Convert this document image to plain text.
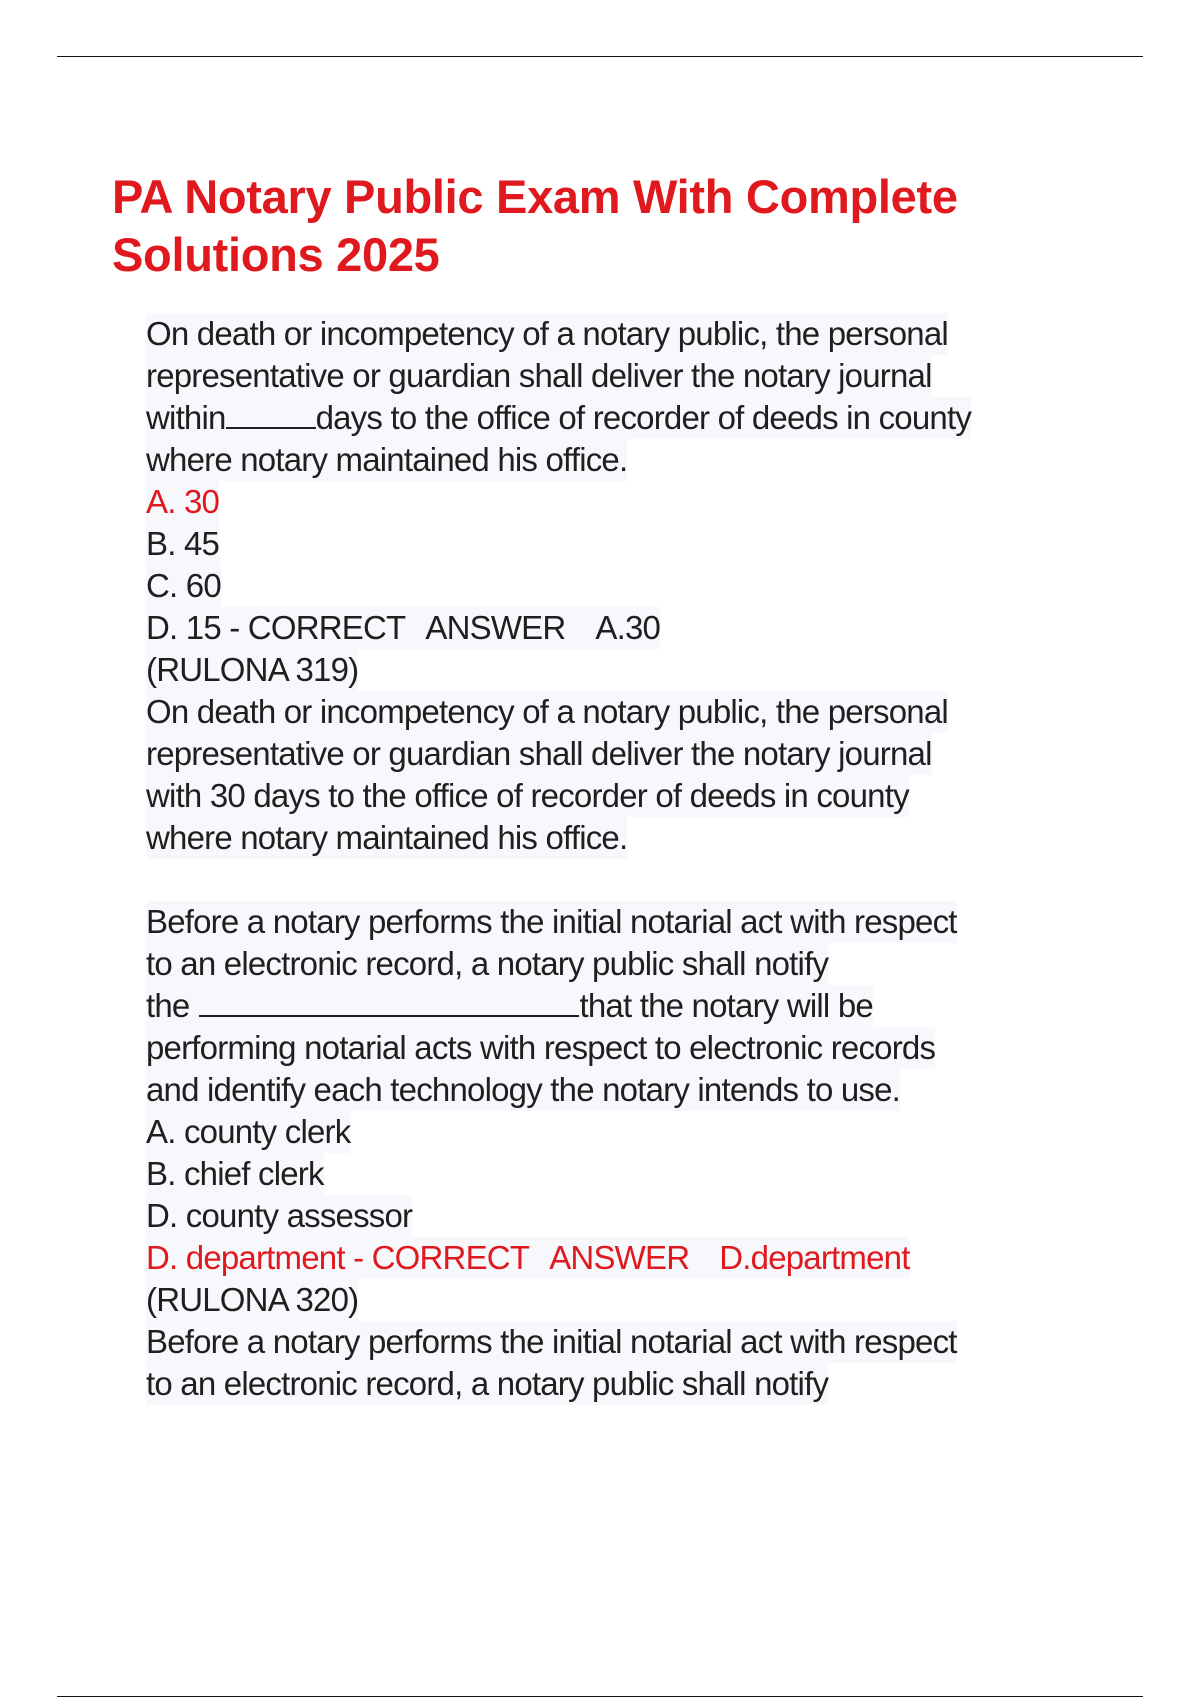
PA Notary Public Exam With Complete Solutions 2025
On death or incompetency of a notary public, the personal
representative or guardian shall deliver the notary journal
within	days to the office of recorder of deeds in county
where notary maintained his office.
A. 30
B. 45
C. 60
D. 15 - CORRECT ANSWER A.30
(RULONA 319)
On death or incompetency of a notary public, the personal
representative or guardian shall deliver the notary journal
with 30 days to the office of recorder of deeds in county
where notary maintained his office.
Before a notary performs the initial notarial act with respect
to an electronic record, a notary public shall notify
the	that the notary will be
performing notarial acts with respect to electronic records
and identify each technology the notary intends to use.
A. county clerk
B. chief clerk
D. county assessor
D. department - CORRECT ANSWER D.department
(RULONA 320)
Before a notary performs the initial notarial act with respect
to an electronic record, a notary public shall notify
